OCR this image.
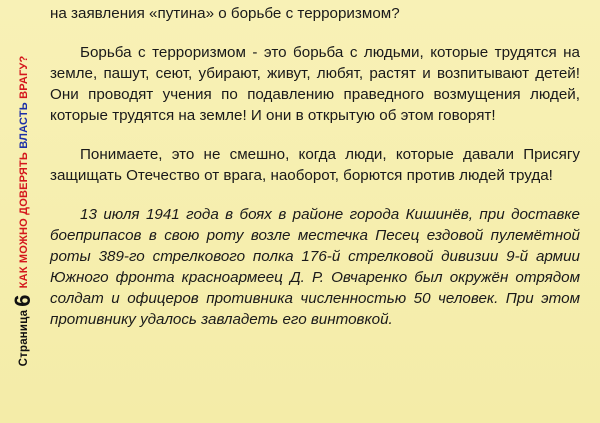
Страница6КАК МОЖНО ДОВЕРЯТЬ ВЛАСТЬ ВРАГУ?

на заявления «путина» о борьбе с терроризмом?

Борьба с терроризмом - это борьба с людьми, которые трудятся на земле, пашут, сеют, убирают, живут, любят, растят и возпитывают детей! Они проводят учения по подавлению праведного возмущения людей, которые трудятся на земле! И они в открытую об этом говорят!

Понимаете, это не смешно, когда люди, которые давали Присягу защищать Отечество от врага, наоборот, борются против людей труда!

13 июля 1941 года в боях в районе города Кишинёв, при доставке боеприпасов в свою роту возле местечка Песец ездовой пулемётной роты 389-го стрелкового полка 176-й стрелковой дивизии 9-й армии Южного фронта красноармеец Д. Р. Овчаренко был окружён отрядом солдат и офицеров противника численностью 50 человек. При этом противнику удалось завладеть его винтовкой.
